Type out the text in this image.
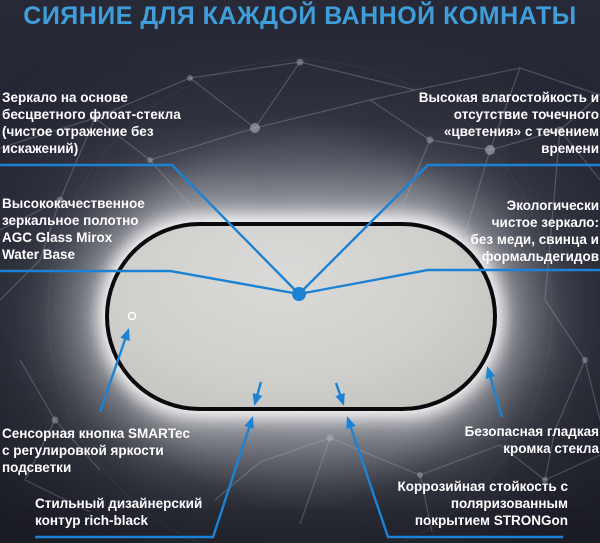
СИЯНИЕ ДЛЯ КАЖДОЙ ВАННОЙ КОМНАТЫ
Зеркало на основе
бесцветного флоат-стекла
(чистое отражение без
искажений)
Высокая влагостойкость и
отсутствие точечного
«цветения» с течением
времени
Высококачественное
зеркальное полотно
AGC Glass Mirox
Water Base
Экологически
чистое зеркало:
без меди, свинца и
формальдегидов
Сенсорная кнопка SMARTec
с регулировкой яркости
подсветки
Стильный дизайнерский
контур rich-black
Безопасная гладкая
кромка стекла
Коррозийная стойкость с
поляризованным
покрытием STRONGon
